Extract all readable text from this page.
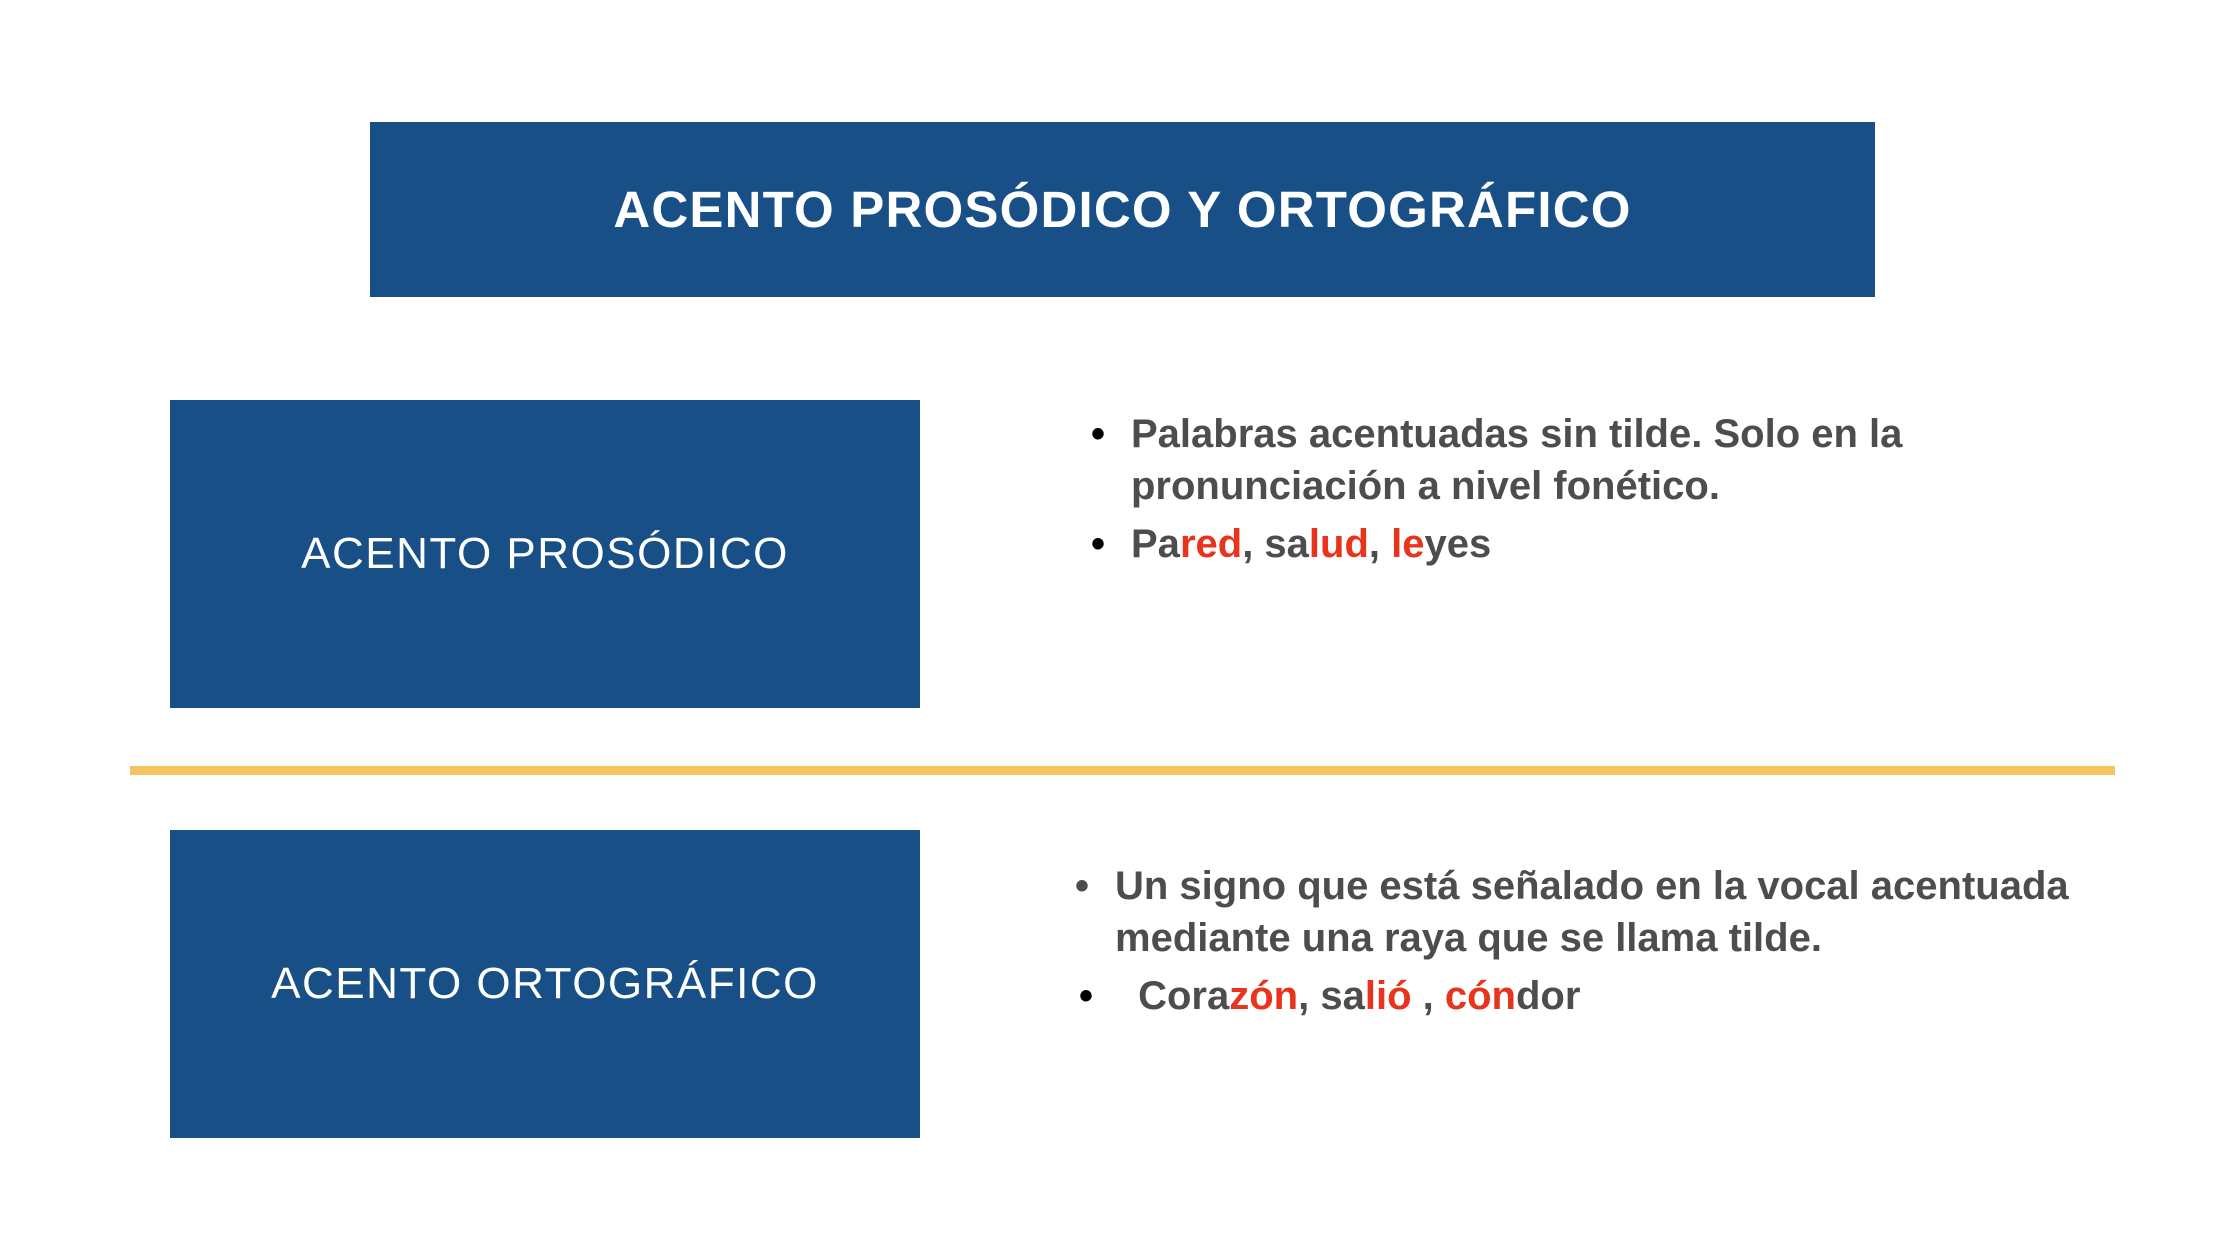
ACENTO PROSÓDICO Y ORTOGRÁFICO
ACENTO PROSÓDICO
• Palabras acentuadas sin tilde. Solo en la pronunciación a nivel fonético.
• Pared, salud, leyes
ACENTO ORTOGRÁFICO
• Un signo que está señalado en la vocal acentuada mediante una raya que se llama tilde.
•  Corazón, salió , cóndor
